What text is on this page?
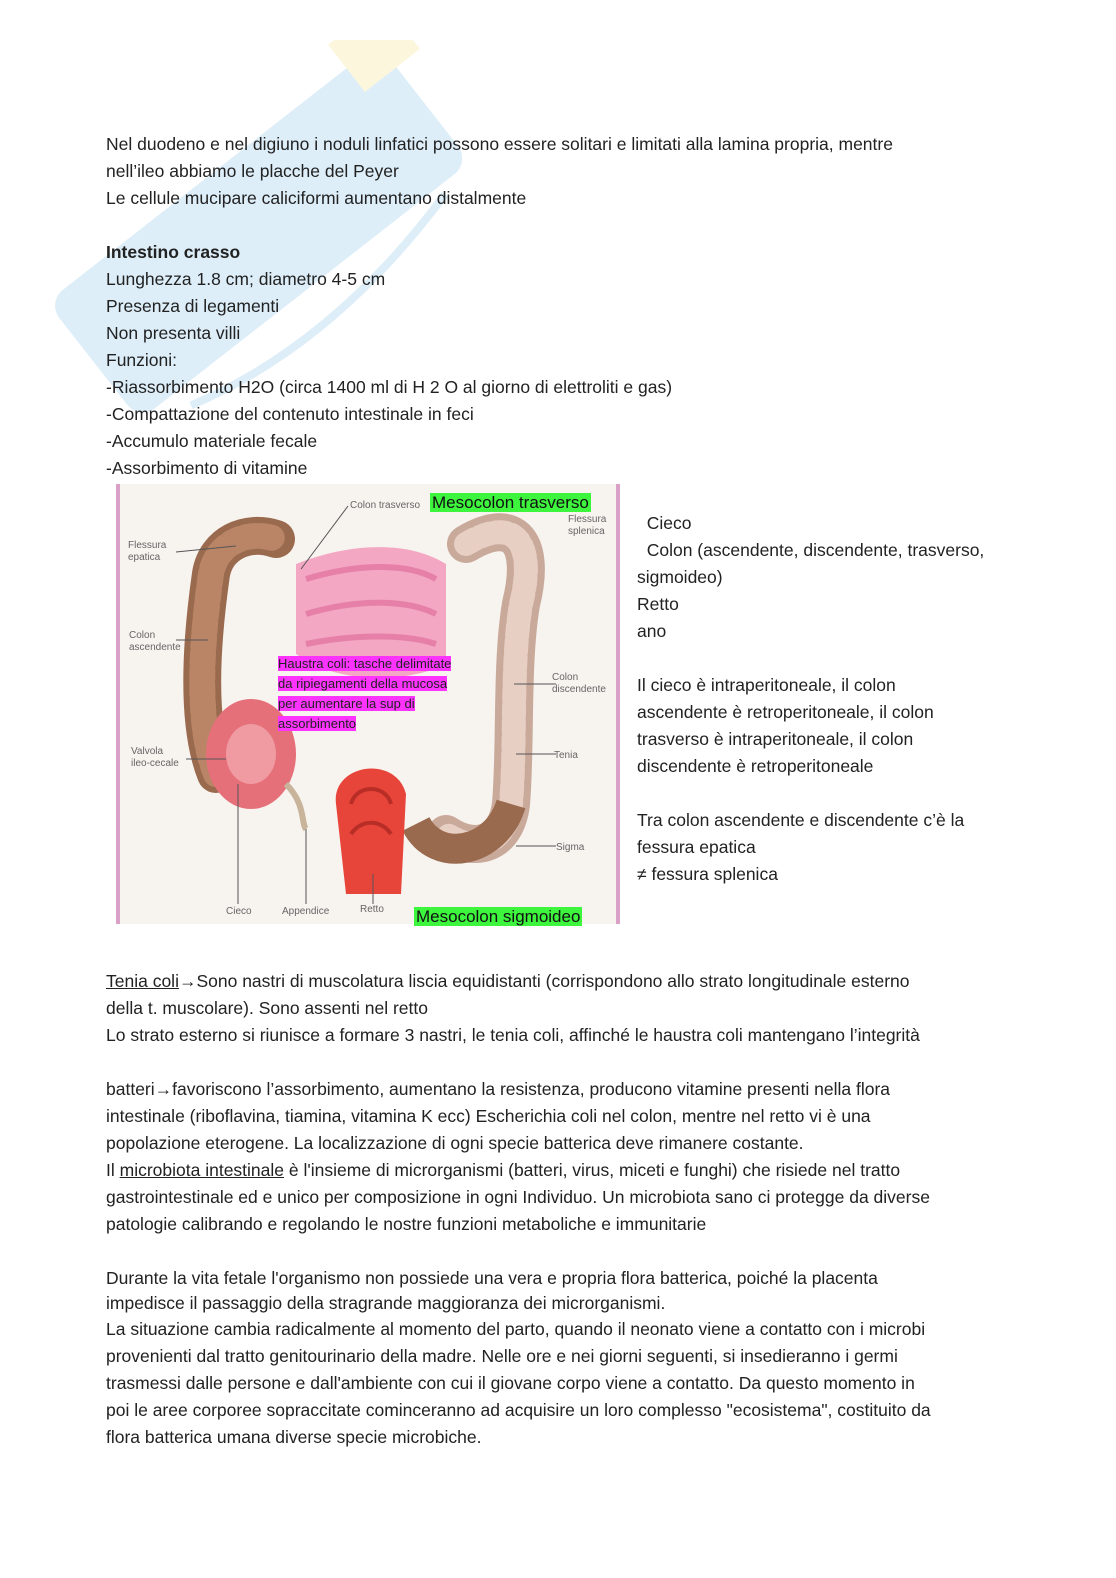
Nel duodeno e nel digiuno i noduli linfatici possono essere solitari e limitati alla lamina propria, mentre
nell’ileo abbiamo le placche del Peyer
Le cellule mucipare caliciformi aumentano distalmente
Intestino crasso
Lunghezza 1.8 cm; diametro 4-5 cm
Presenza di legamenti
Non presenta villi
Funzioni:
-Riassorbimento H2O (circa 1400 ml di H 2 O al giorno di elettroliti e gas)
-Compattazione del contenuto intestinale in feci
-Accumulo materiale fecale
-Assorbimento di vitamine
Colon trasverso
Flessura
epatica
Flessura
splenica
Colon
ascendente
Colon
discendente
Valvola
ileo-cecale
Tenia
Sigma
Cieco	Appendice	Retto
Mesocolon trasverso
Mesocolon sigmoideo
Haustra coli: tasche delimitate
da ripiegamenti della mucosa
per aumentare la sup di
assorbimento
Cieco
Colon (ascendente, discendente, trasverso,
sigmoideo)
Retto
ano
Il cieco è intraperitoneale, il colon
ascendente è retroperitoneale, il colon
trasverso è intraperitoneale, il colon
discendente è retroperitoneale
Tra colon ascendente e discendente c’è la
fessura epatica
≠ fessura splenica
Tenia coli→Sono nastri di muscolatura liscia equidistanti (corrispondono allo strato longitudinale esterno
della t. muscolare). Sono assenti nel retto
Lo strato esterno si riunisce a formare 3 nastri, le tenia coli, affinché le haustra coli mantengano l’integrità
batteri→favoriscono l’assorbimento, aumentano la resistenza, producono vitamine presenti nella flora
intestinale (riboflavina, tiamina, vitamina K ecc) Escherichia coli nel colon, mentre nel retto vi è una
popolazione eterogene. La localizzazione di ogni specie batterica deve rimanere costante.
Il microbiota intestinale è l'insieme di microrganismi (batteri, virus, miceti e funghi) che risiede nel tratto
gastrointestinale ed e unico per composizione in ogni Individuo. Un microbiota sano ci protegge da diverse
patologie calibrando e regolando le nostre funzioni metaboliche e immunitarie
Durante la vita fetale l'organismo non possiede una vera e propria flora batterica, poiché la placenta
impedisce il passaggio della stragrande maggioranza dei microrganismi.
La situazione cambia radicalmente al momento del parto, quando il neonato viene a contatto con i microbi
provenienti dal tratto genitourinario della madre. Nelle ore e nei giorni seguenti, si insedieranno i germi
trasmessi dalle persone e dall'ambiente con cui il giovane corpo viene a contatto. Da questo momento in
poi le aree corporee sopraccitate cominceranno ad acquisire un loro complesso "ecosistema", costituito da
flora batterica umana diverse specie microbiche.
